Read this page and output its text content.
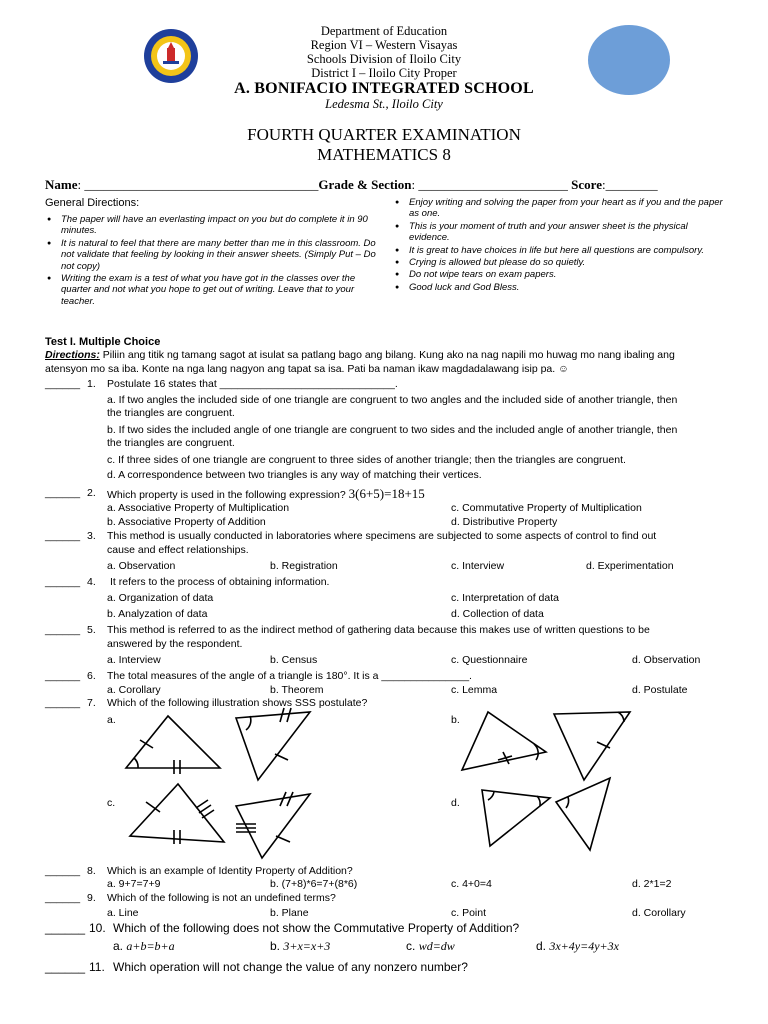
Department of Education
Region VI – Western Visayas
Schools Division of Iloilo City
District I – Iloilo City Proper
A. BONIFACIO INTEGRATED SCHOOL
Ledesma St., Iloilo City
FOURTH QUARTER EXAMINATION
MATHEMATICS 8
Name: ____________________________________Grade & Section: _______________________ Score:________
General Directions:
● The paper will have an everlasting impact on you but do complete it in 90 minutes.
● It is natural to feel that there are many better than me in this classroom. Do not validate that feeling by looking in their answer sheets. (Simply Put – Do not copy)
● Writing the exam is a test of what you have got in the classes over the quarter and not what you hope to get out of writing. Leave that to your teacher.
● Enjoy writing and solving the paper from your heart as if you and the paper as one.
● This is your moment of truth and your answer sheet is the physical evidence.
● It is great to have choices in life but here all questions are compulsory.
● Crying is allowed but please do so quietly.
● Do not wipe tears on exam papers.
● Good luck and God Bless.
Test I. Multiple Choice
Directions: Piliin ang titik ng tamang sagot at isulat sa patlang bago ang bilang. Kung ako na nag napili mo huwag mo nang ibaling ang
atensyon mo sa iba. Konte na nga lang nagyon ang tapat sa isa. Pati ba naman ikaw magdadalawang isip pa. ☺
______ 1. Postulate 16 states that ______________________________.
a. If two angles the included side of one triangle are congruent to two angles and the included side of another triangle, then
the triangles are congruent.
b. If two sides the included angle of one triangle are congruent to two sides and the included angle of another triangle, then
the triangles are congruent.
c. If three sides of one triangle are congruent to three sides of another triangle; then the triangles are congruent.
d. A correspondence between two triangles is any way of matching their vertices.
______ 2. Which property is used in the following expression? 3(6+5)=18+15
a. Associative Property of Multiplication	c. Commutative Property of Multiplication
b. Associative Property of Addition	d. Distributive Property
______ 3. This method is usually conducted in laboratories where specimens are subjected to some aspects of control to find out
cause and effect relationships.
a. Observation	b. Registration	c. Interview	d. Experimentation
______ 4. It refers to the process of obtaining information.
a. Organization of data	c. Interpretation of data
b. Analyzation of data	d. Collection of data
______ 5. This method is referred to as the indirect method of gathering data because this makes use of written questions to be
answered by the respondent.
a. Interview	b. Census	c. Questionnaire	d. Observation
______ 6. The total measures of the angle of a triangle is 180°. It is a _______________.
a. Corollary	b. Theorem	c. Lemma	d. Postulate
______ 7. Which of the following illustration shows SSS postulate?
a.	b.
c.	d.
______ 8. Which is an example of Identity Property of Addition?
a. 9+7=7+9	b. (7+8)*6=7+(8*6)	c. 4+0=4	d. 2*1=2
______ 9. Which of the following is not an undefined terms?
a. Line	b. Plane	c. Point	d. Corollary
______ 10. Which of the following does not show the Commutative Property of Addition?
a. a+b=b+a	b. 3+x=x+3	c. wd=dw	d. 3x+4y=4y+3x
______ 11. Which operation will not change the value of any nonzero number?
